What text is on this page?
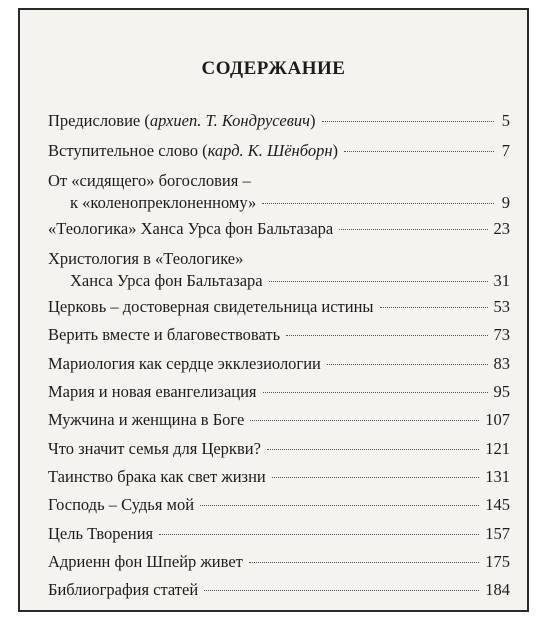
СОДЕРЖАНИЕ
Предисловие ( архиеп. Т. Кондрусевич )	5
Вступительное слово ( кард. К. Шёнборн )	7
От «сидящего» богословия –
к «коленопреклоненному»	9
«Теологика» Ханса Урса фон Бальтазара	23
Христология в «Теологике»
Ханса Урса фон Бальтазара	31
Церковь – достоверная свидетельница истины	53
Верить вместе и благовествовать	73
Мариология как сердце экклезиологии	83
Мария и новая евангелизация	95
Мужчина и женщина в Боге	107
Что значит семья для Церкви?	121
Таинство брака как свет жизни	131
Господь – Судья мой	145
Цель Творения	157
Адриенн фон Шпейр живет	175
Библиография статей	184
